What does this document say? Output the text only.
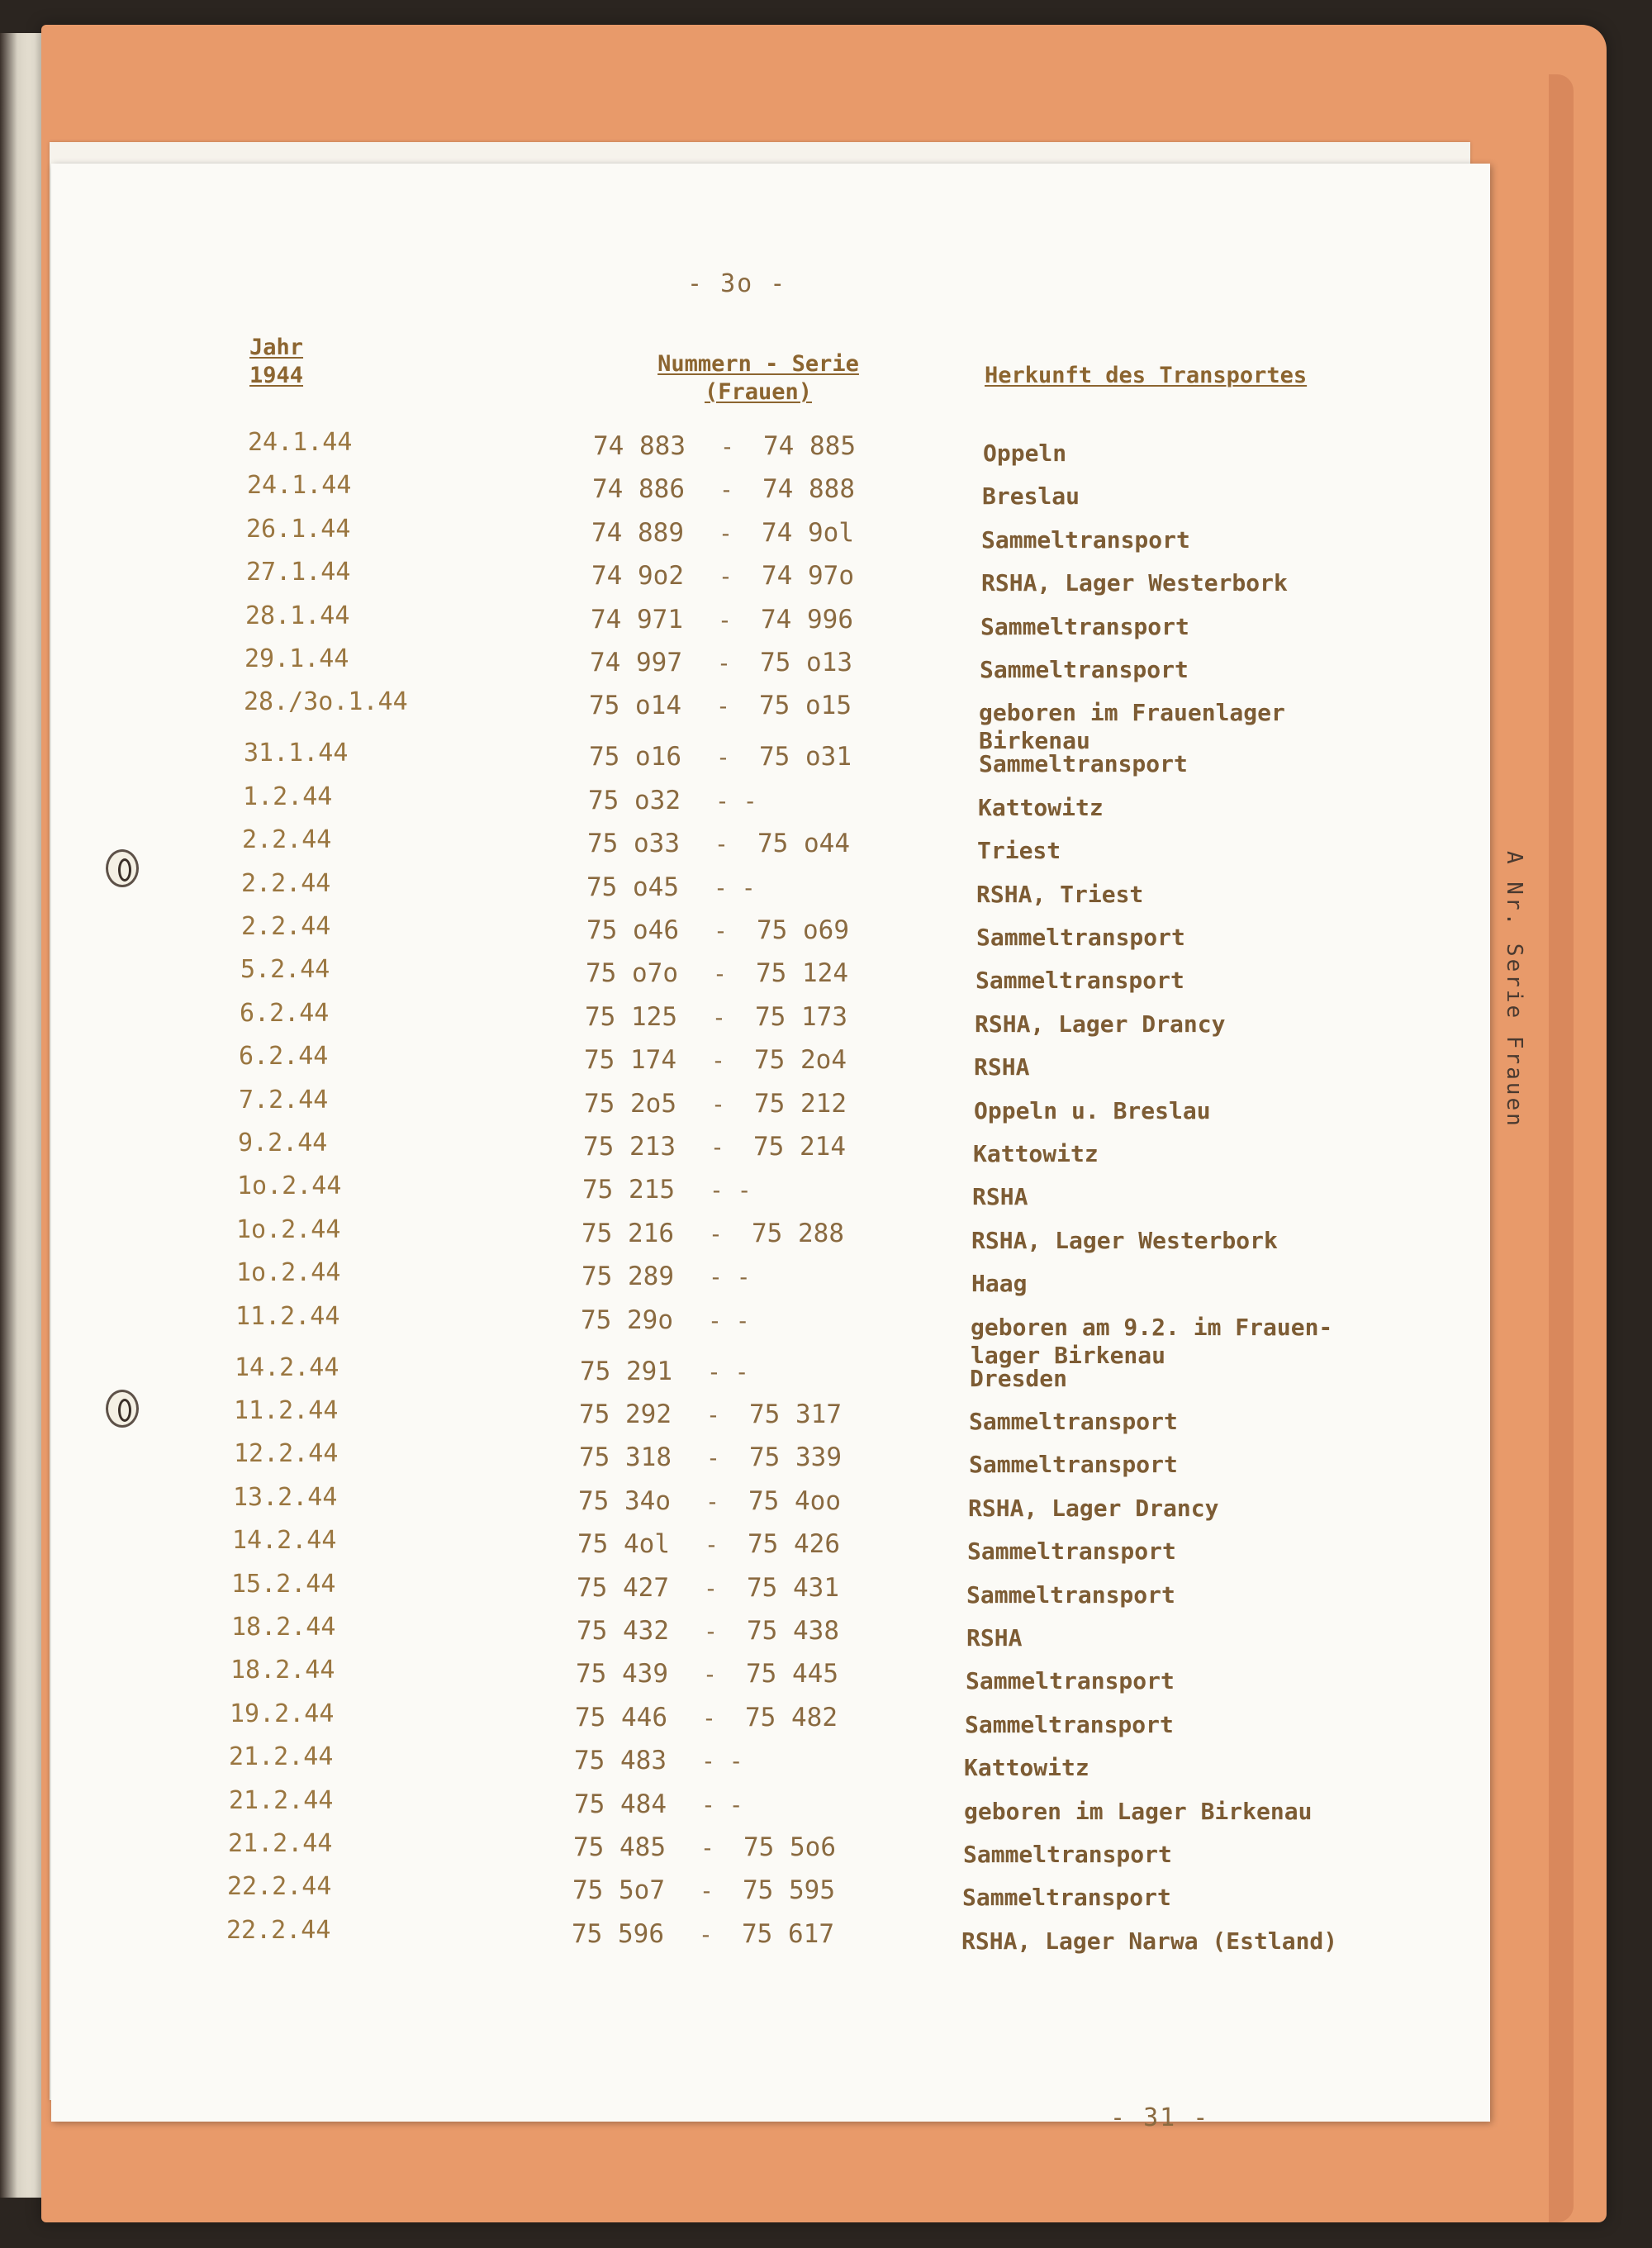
- 3o -
Jahr
1944	Nummern - Serie
(Frauen)
Herkunft des Transportes
24.1.44	74 883 - 74 885	Oppeln
24.1.44	74 886 - 74 888	Breslau
26.1.44	74 889 - 74 9ol	Sammeltransport
27.1.44	74 9o2 - 74 97o	RSHA, Lager Westerbork
28.1.44	74 971 - 74 996	Sammeltransport
29.1.44	74 997 - 75 o13	Sammeltransport
28./3o.1.44	75 o14 - 75 o15	geboren im Frauenlager Birkenau
31.1.44	75 o16 - 75 o31	Sammeltransport
1.2.44	75 o32 - -	Kattowitz
2.2.44	75 o33 - 75 o44	Triest
2.2.44	75 o45 - -	RSHA, Triest
2.2.44	75 o46 - 75 o69	Sammeltransport
5.2.44	75 o7o - 75 124	Sammeltransport
6.2.44	75 125 - 75 173	RSHA, Lager Drancy
6.2.44	75 174 - 75 2o4	RSHA
7.2.44	75 2o5 - 75 212	Oppeln u. Breslau
9.2.44	75 213 - 75 214	Kattowitz
1o.2.44	75 215 - -	RSHA
1o.2.44	75 216 - 75 288	RSHA, Lager Westerbork
1o.2.44	75 289 - -	Haag
11.2.44	75 29o - -	geboren am 9.2. im Frauen-lager Birkenau
14.2.44	75 291 - -	Dresden
11.2.44	75 292 - 75 317	Sammeltransport
12.2.44	75 318 - 75 339	Sammeltransport
13.2.44	75 34o - 75 4oo	RSHA, Lager Drancy
14.2.44	75 4ol - 75 426	Sammeltransport
15.2.44	75 427 - 75 431	Sammeltransport
18.2.44	75 432 - 75 438	RSHA
18.2.44	75 439 - 75 445	Sammeltransport
19.2.44	75 446 - 75 482	Sammeltransport
21.2.44	75 483 - -	Kattowitz
21.2.44	75 484 - -	geboren im Lager Birkenau
21.2.44	75 485 - 75 5o6	Sammeltransport
22.2.44	75 5o7 - 75 595	Sammeltransport
22.2.44	75 596 - 75 617	RSHA, Lager Narwa (Estland)
- 31 -
A Nr. Serie Frauen
